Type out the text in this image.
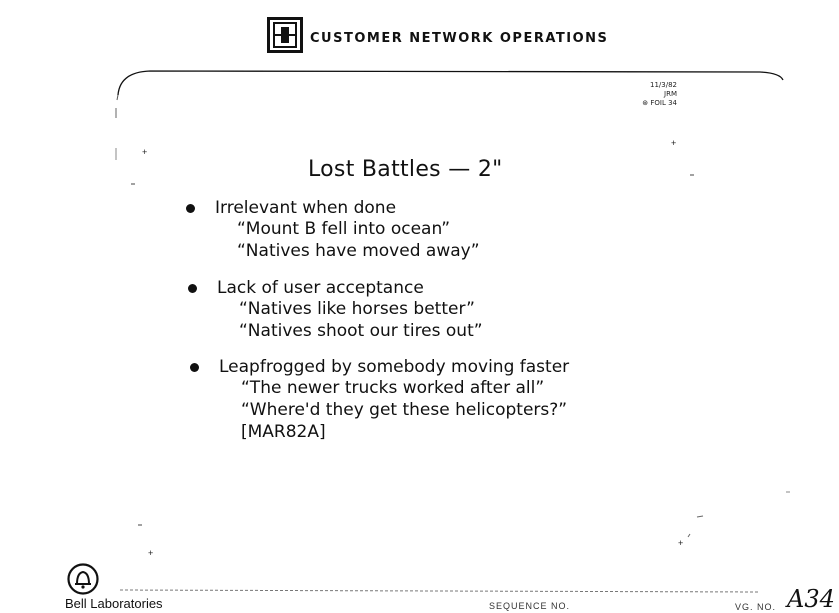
+
+
+
+
CUSTOMER NETWORK OPERATIONS
11/3/82
JRM
⊛ FOIL 34
Lost Battles — 2"
Irrelevant when done
“Mount B fell into ocean”
“Natives have moved away”
Lack of user acceptance
“Natives like horses better”
“Natives shoot our tires out”
Leapfrogged by somebody moving faster
“The newer trucks worked after all”
“Where'd they get these helicopters?”
[MAR82A]
Bell Laboratories	SEQUENCE NO.	VG. NO. A34
